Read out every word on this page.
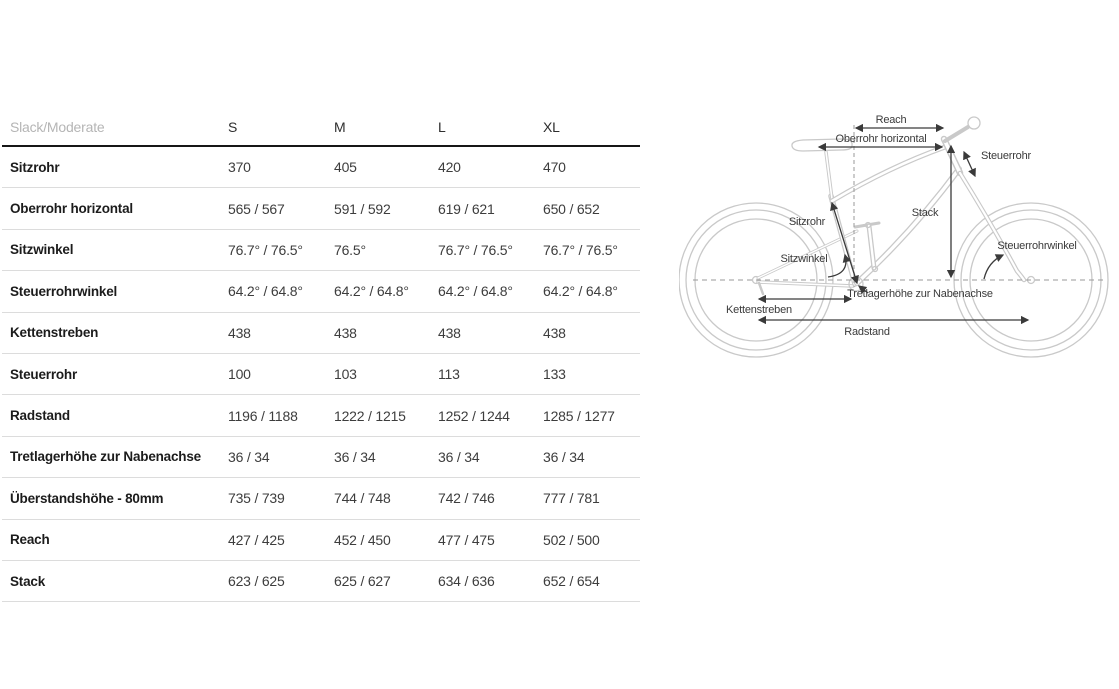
Slack/Moderate	S	M	L	XL
Sitzrohr	370	405	420	470
Oberrohr horizontal	565 / 567	591 / 592	619 / 621	650 / 652
Sitzwinkel	76.7° / 76.5°	76.5°	76.7° / 76.5°	76.7° / 76.5°
Steuerrohrwinkel	64.2° / 64.8°	64.2° / 64.8°	64.2° / 64.8°	64.2° / 64.8°
Kettenstreben	438	438	438	438
Steuerrohr	100	103	113	133
Radstand	1196 / 1188	1222 / 1215	1252 / 1244	1285 / 1277
Tretlagerhöhe zur Nabenachse	36 / 34	36 / 34	36 / 34	36 / 34
Überstandshöhe - 80mm	735 / 739	744 / 748	742 / 746	777 / 781
Reach	427 / 425	452 / 450	477 / 475	502 / 500
Stack	623 / 625	625 / 627	634 / 636	652 / 654
Reach
Oberrohr horizontal
Steuerrohr
Sitzrohr
Stack
Sitzwinkel
Steuerrohrwinkel
Tretlagerhöhe zur Nabenachse
Kettenstreben
Radstand
